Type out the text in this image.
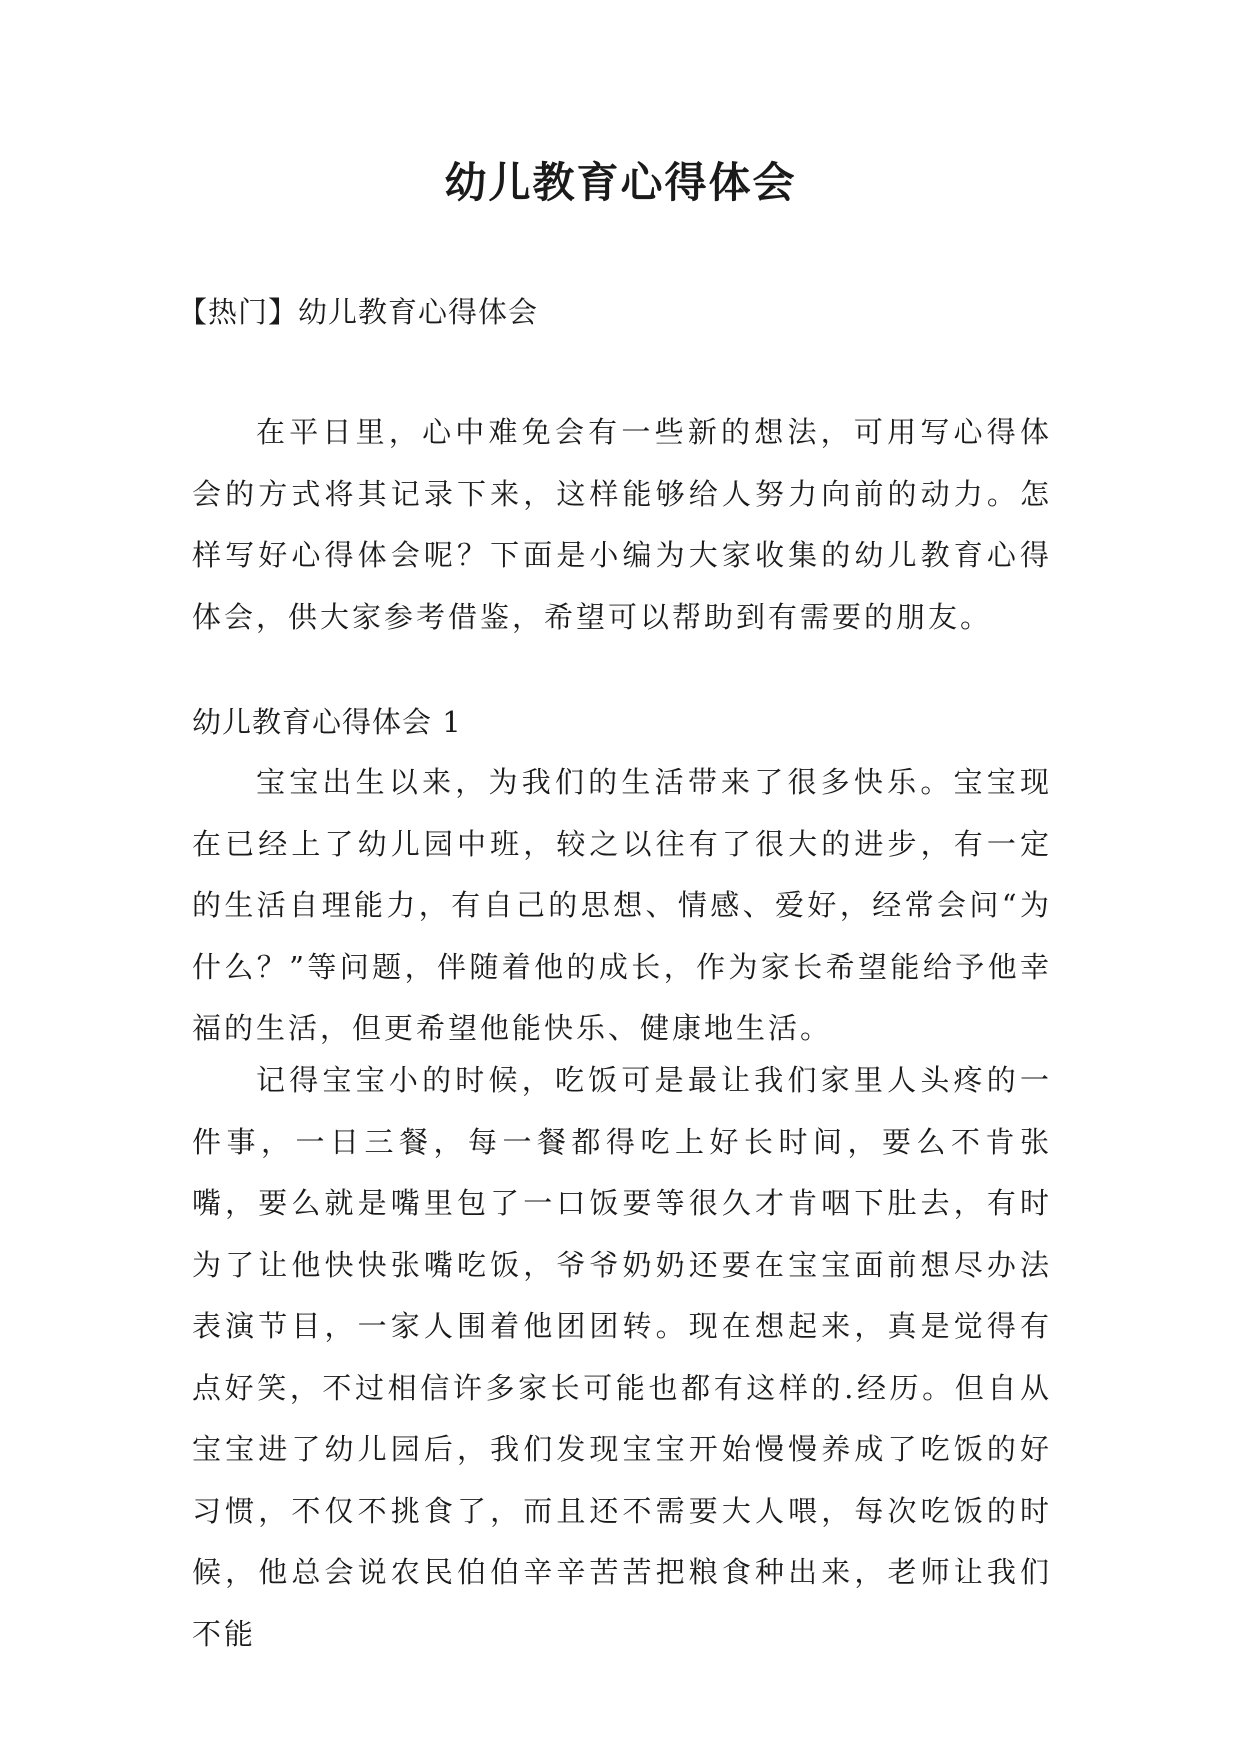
幼儿教育心得体会

【热门】幼儿教育心得体会

在平日里，心中难免会有一些新的想法，可用写心得体会的方式将其记录下来，这样能够给人努力向前的动力。怎样写好心得体会呢？下面是小编为大家收集的幼儿教育心得体会，供大家参考借鉴，希望可以帮助到有需要的朋友。

幼儿教育心得体会 1

宝宝出生以来，为我们的生活带来了很多快乐。宝宝现在已经上了幼儿园中班，较之以往有了很大的进步，有一定的生活自理能力，有自己的思想、情感、爱好，经常会问“为什么？”等问题，伴随着他的成长，作为家长希望能给予他幸福的生活，但更希望他能快乐、健康地生活。

记得宝宝小的时候，吃饭可是最让我们家里人头疼的一件事，一日三餐，每一餐都得吃上好长时间，要么不肯张嘴，要么就是嘴里包了一口饭要等很久才肯咽下肚去，有时为了让他快快张嘴吃饭，爷爷奶奶还要在宝宝面前想尽办法表演节目，一家人围着他团团转。现在想起来，真是觉得有点好笑，不过相信许多家长可能也都有这样的.经历。但自从宝宝进了幼儿园后，我们发现宝宝开始慢慢养成了吃饭的好习惯，不仅不挑食了，而且还不需要大人喂，每次吃饭的时候，他总会说农民伯伯辛辛苦苦把粮食种出来，老师让我们不能
